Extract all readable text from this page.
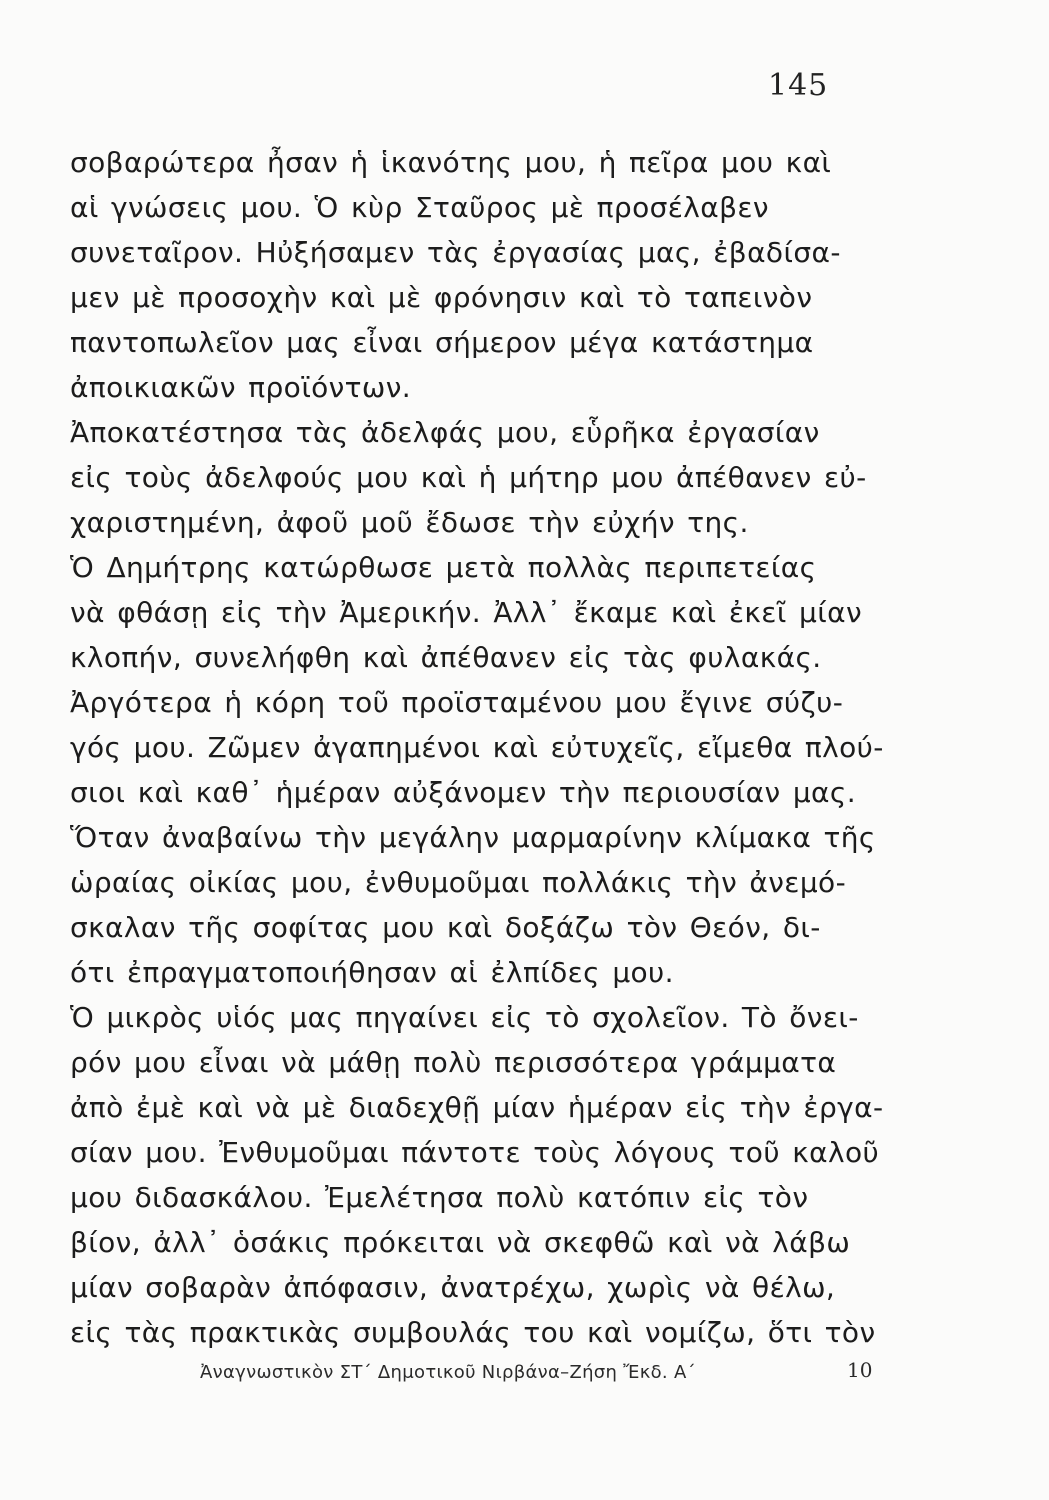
145
σοβαρώτερα ἦσαν ἡ ἱκανότης μου, ἡ πεῖρα μου καὶ
αἱ γνώσεις μου. Ὁ κὺρ Σταῦρος μὲ προσέλαβεν
συνεταῖρον. Ηὐξήσαμεν τὰς ἐργασίας μας, ἐβαδίσα-
μεν μὲ προσοχὴν καὶ μὲ φρόνησιν καὶ τὸ ταπεινὸν
παντοπωλεῖον μας εἶναι σήμερον μέγα κατάστημα
ἀποικιακῶν προϊόντων.
Ἀποκατέστησα τὰς ἀδελφάς μου, εὗρῆκα ἐργασίαν
εἰς τοὺς ἀδελφούς μου καὶ ἡ μήτηρ μου ἀπέθανεν εὐ-
χαριστημένη, ἀφοῦ μοῦ ἔδωσε τὴν εὐχήν της.
Ὁ Δημήτρης κατώρθωσε μετὰ πολλὰς περιπετείας
νὰ φθάσῃ εἰς τὴν Ἀμερικήν. Ἀλλ᾽ ἔκαμε καὶ ἐκεῖ μίαν
κλοπήν, συνελήφθη καὶ ἀπέθανεν εἰς τὰς φυλακάς.
Ἀργότερα ἡ κόρη τοῦ προϊσταμένου μου ἔγινε σύζυ-
γός μου. Ζῶμεν ἀγαπημένοι καὶ εὐτυχεῖς, εἴμεθα πλού-
σιοι καὶ καθ᾽ ἡμέραν αὐξάνομεν τὴν περιουσίαν μας.
Ὅταν ἀναβαίνω τὴν μεγάλην μαρμαρίνην κλίμακα τῆς
ὡραίας οἰκίας μου, ἐνθυμοῦμαι πολλάκις τὴν ἀνεμό-
σκαλαν τῆς σοφίτας μου καὶ δοξάζω τὸν Θεόν, δι-
ότι ἐπραγματοποιήθησαν αἱ ἐλπίδες μου.
Ὁ μικρὸς υἱός μας πηγαίνει εἰς τὸ σχολεῖον. Τὸ ὄνει-
ρόν μου εἶναι νὰ μάθῃ πολὺ περισσότερα γράμματα
ἀπὸ ἐμὲ καὶ νὰ μὲ διαδεχθῇ μίαν ἡμέραν εἰς τὴν ἐργα-
σίαν μου. Ἐνθυμοῦμαι πάντοτε τοὺς λόγους τοῦ καλοῦ
μου διδασκάλου. Ἐμελέτησα πολὺ κατόπιν εἰς τὸν
βίον, ἀλλ᾽ ὁσάκις πρόκειται νὰ σκεφθῶ καὶ νὰ λάβω
μίαν σοβαρὰν ἀπόφασιν, ἀνατρέχω, χωρὶς νὰ θέλω,
εἰς τὰς πρακτικὰς συμβουλάς του καὶ νομίζω, ὅτι τὸν
Ἀναγνωστικὸν ΣΤ΄ Δημοτικοῦ Νιρβάνα–Ζήση Ἔκδ. Α΄	10
